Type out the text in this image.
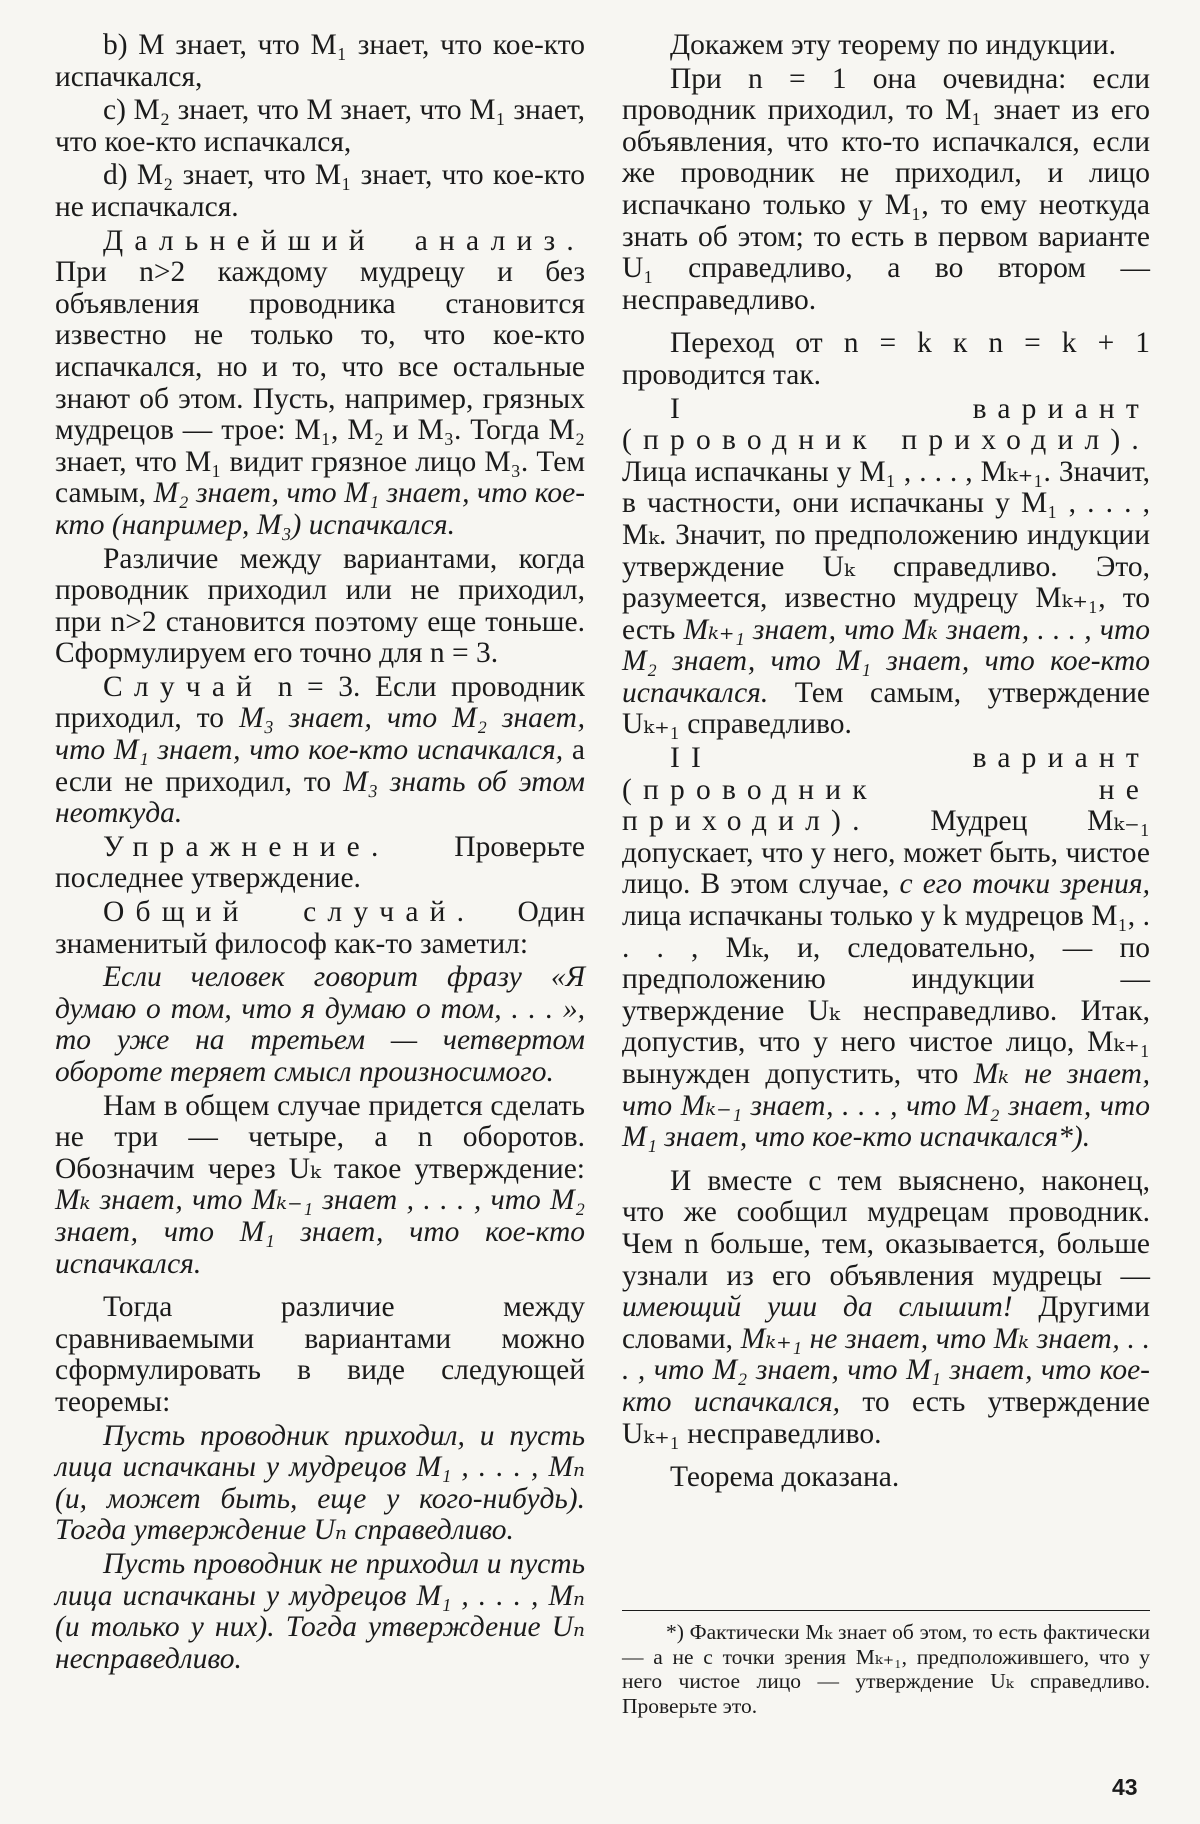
b) M знает, что M₁ знает, что кое-кто испачкался,

c) M₂ знает, что M знает, что M₁ знает, что кое-кто испачкался,

d) M₂ знает, что M₁ знает, что кое-кто не испачкался.

Дальнейший анализ. При n>2 каждому мудрецу и без объявления проводника становится известно не только то, что кое-кто испачкался, но и то, что все остальные знают об этом. Пусть, например, грязных мудрецов — трое: M₁, M₂ и M₃. Тогда M₂ знает, что M₁ видит грязное лицо M₃. Тем самым, M₂ знает, что M₁ знает, что кое-кто (например, M₃) испачкался.

Различие между вариантами, когда проводник приходил или не приходил, при n>2 становится поэтому еще тоньше. Сформулируем его точно для n = 3.

Случай n = 3. Если проводник приходил, то M₃ знает, что M₂ знает, что M₁ знает, что кое-кто испачкался, а если не приходил, то M₃ знать об этом неоткуда.

Упражнение. Проверьте последнее утверждение.

Общий случай. Один знаменитый философ как-то заметил:

Если человек говорит фразу «Я думаю о том, что я думаю о том, . . . », то уже на третьем — четвертом обороте теряет смысл произносимого.

Нам в общем случае придется сделать не три — четыре, а n оборотов. Обозначим через Uₖ такое утверждение: Mₖ знает, что Mₖ₋₁ знает , . . . , что M₂ знает, что M₁ знает, что кое-кто испачкался.

Тогда различие между сравниваемыми вариантами можно сформулировать в виде следующей теоремы:

Пусть проводник приходил, и пусть лица испачканы у мудрецов M₁ , . . . , Mₙ (и, может быть, еще у кого-нибудь). Тогда утверждение Uₙ справедливо.

Пусть проводник не приходил и пусть лица испачканы у мудрецов M₁ , . . . , Mₙ (и только у них). Тогда утверждение Uₙ несправедливо.

Докажем эту теорему по индукции.

При n = 1 она очевидна: если проводник приходил, то M₁ знает из его объявления, что кто-то испачкался, если же проводник не приходил, и лицо испачкано только у M₁, то ему неоткуда знать об этом; то есть в первом варианте U₁ справедливо, а во втором — несправедливо.

Переход от n = k к n = k + 1 проводится так.

I вариант (проводник приходил). Лица испачканы у M₁ , . . . , Mₖ₊₁. Значит, в частности, они испачканы у M₁ , . . . , Mₖ. Значит, по предположению индукции утверждение Uₖ справедливо. Это, разумеется, известно мудрецу Mₖ₊₁, то есть Mₖ₊₁ знает, что Mₖ знает, . . . , что M₂ знает, что M₁ знает, что кое-кто испачкался. Тем самым, утверждение Uₖ₊₁ справедливо.

II вариант (проводник не приходил). Мудрец Mₖ₋₁ допускает, что у него, может быть, чистое лицо. В этом случае, с его точки зрения, лица испачканы только у k мудрецов M₁, . . . , Mₖ, и, следовательно, — по предположению индукции — утверждение Uₖ несправедливо. Итак, допустив, что у него чистое лицо, Mₖ₊₁ вынужден допустить, что Mₖ не знает, что Mₖ₋₁ знает, . . . , что M₂ знает, что M₁ знает, что кое-кто испачкался*).

И вместе с тем выяснено, наконец, что же сообщил мудрецам проводник. Чем n больше, тем, оказывается, больше узнали из его объявления мудрецы — имеющий уши да слышит! Другими словами, Mₖ₊₁ не знает, что Mₖ знает, . . . , что M₂ знает, что M₁ знает, что кое-кто испачкался, то есть утверждение Uₖ₊₁ несправедливо.

Теорема доказана.

*) Фактически Mₖ знает об этом, то есть фактически — а не с точки зрения Mₖ₊₁, предположившего, что у него чистое лицо — утверждение Uₖ справедливо. Проверьте это.

43
